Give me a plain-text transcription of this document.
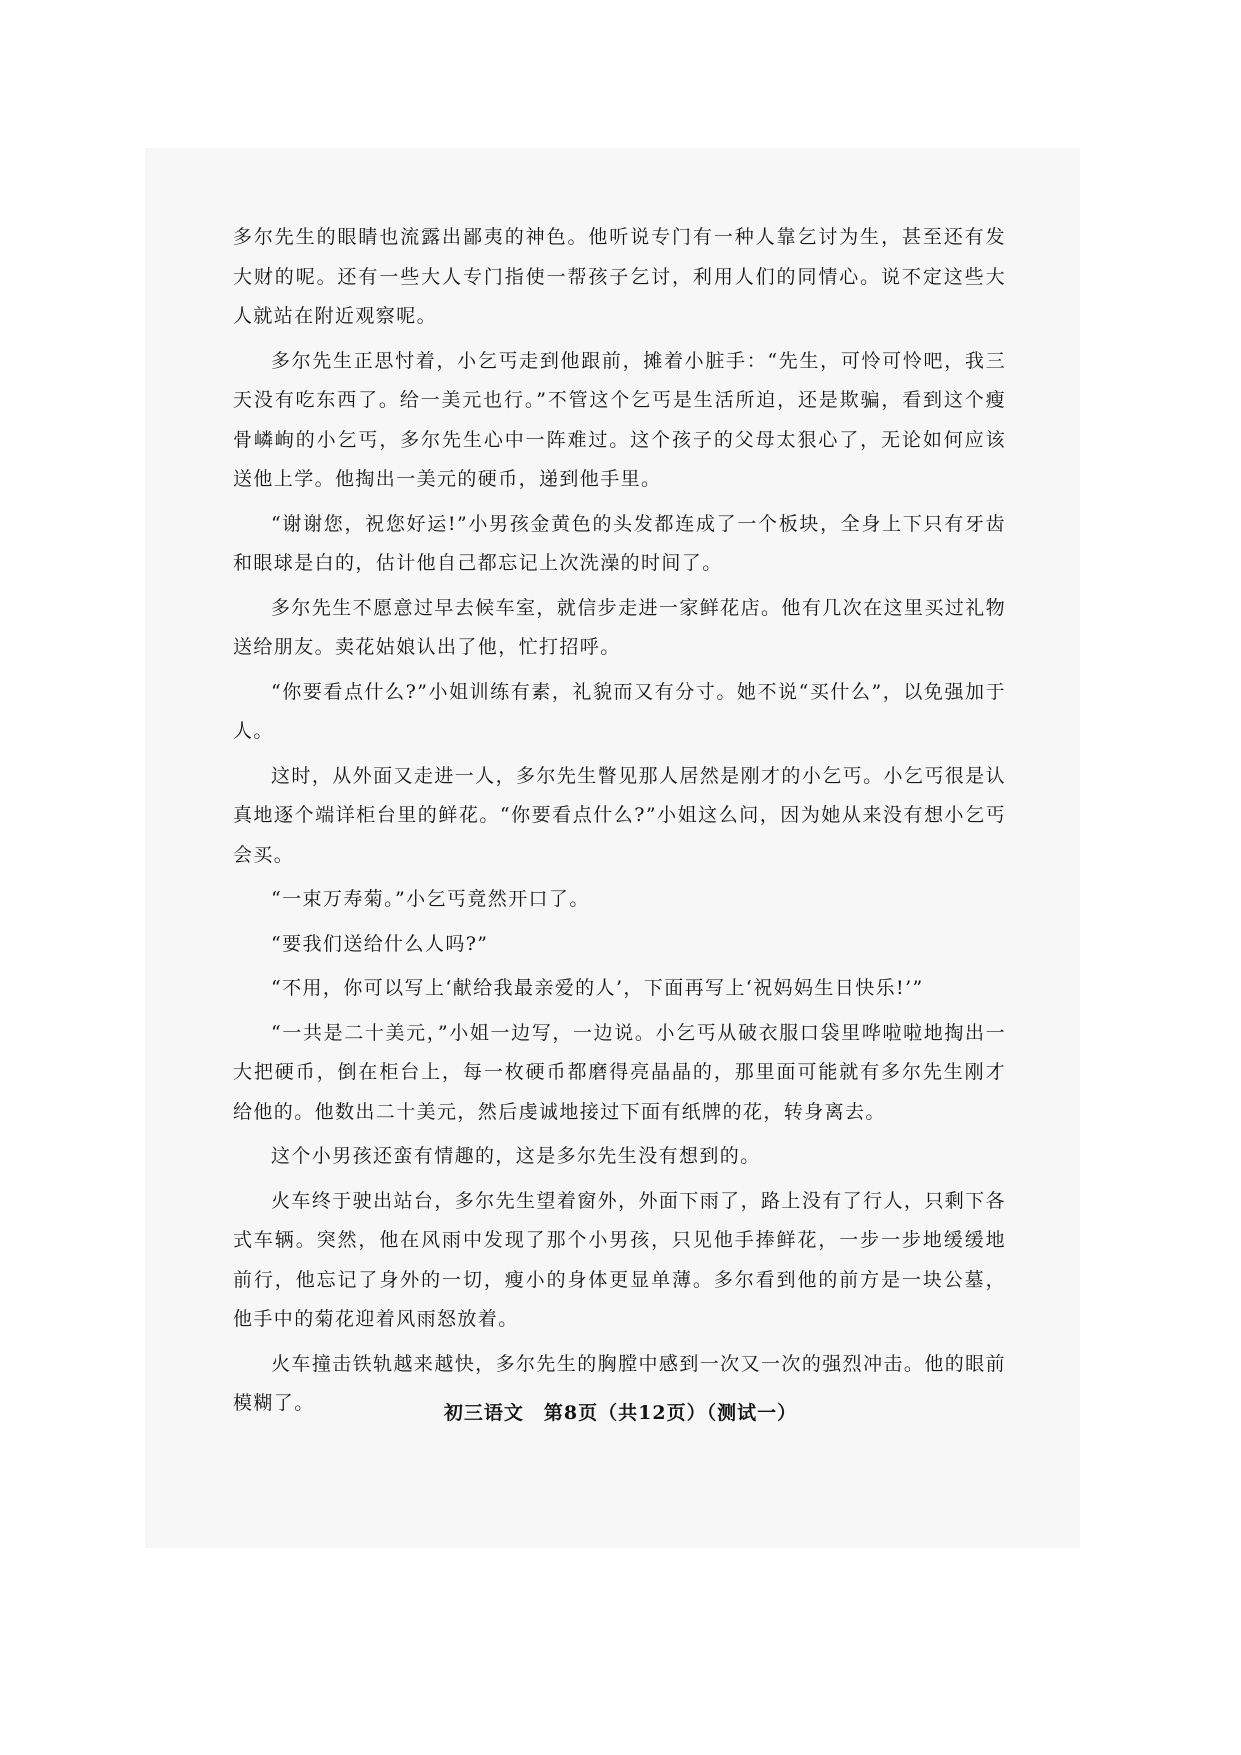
多尔先生的眼睛也流露出鄙夷的神色。他听说专门有一种人靠乞讨为生，甚至还有发大财的呢。还有一些大人专门指使一帮孩子乞讨，利用人们的同情心。说不定这些大人就站在附近观察呢。

多尔先生正思忖着，小乞丐走到他跟前，摊着小脏手：“先生，可怜可怜吧，我三天没有吃东西了。给一美元也行。”不管这个乞丐是生活所迫，还是欺骗，看到这个瘦骨嶙峋的小乞丐，多尔先生心中一阵难过。这个孩子的父母太狠心了，无论如何应该送他上学。他掏出一美元的硬币，递到他手里。

“谢谢您，祝您好运!”小男孩金黄色的头发都连成了一个板块，全身上下只有牙齿和眼球是白的，估计他自己都忘记上次洗澡的时间了。

多尔先生不愿意过早去候车室，就信步走进一家鲜花店。他有几次在这里买过礼物送给朋友。卖花姑娘认出了他，忙打招呼。

“你要看点什么?”小姐训练有素，礼貌而又有分寸。她不说“买什么”，以免强加于人。

这时，从外面又走进一人，多尔先生瞥见那人居然是刚才的小乞丐。小乞丐很是认真地逐个端详柜台里的鲜花。“你要看点什么?”小姐这么问，因为她从来没有想小乞丐会买。

“一束万寿菊。”小乞丐竟然开口了。

“要我们送给什么人吗?”

“不用，你可以写上‘献给我最亲爱的人’，下面再写上‘祝妈妈生日快乐!’”

“一共是二十美元，”小姐一边写，一边说。小乞丐从破衣服口袋里哗啦啦地掏出一大把硬币，倒在柜台上，每一枚硬币都磨得亮晶晶的，那里面可能就有多尔先生刚才给他的。他数出二十美元，然后虔诚地接过下面有纸牌的花，转身离去。

这个小男孩还蛮有情趣的，这是多尔先生没有想到的。

火车终于驶出站台，多尔先生望着窗外，外面下雨了，路上没有了行人，只剩下各式车辆。突然，他在风雨中发现了那个小男孩，只见他手捧鲜花，一步一步地缓缓地前行，他忘记了身外的一切，瘦小的身体更显单薄。多尔看到他的前方是一块公墓，他手中的菊花迎着风雨怒放着。

火车撞击铁轨越来越快，多尔先生的胸膛中感到一次又一次的强烈冲击。他的眼前模糊了。	初三语文　第8页（共12页）（测试一）
